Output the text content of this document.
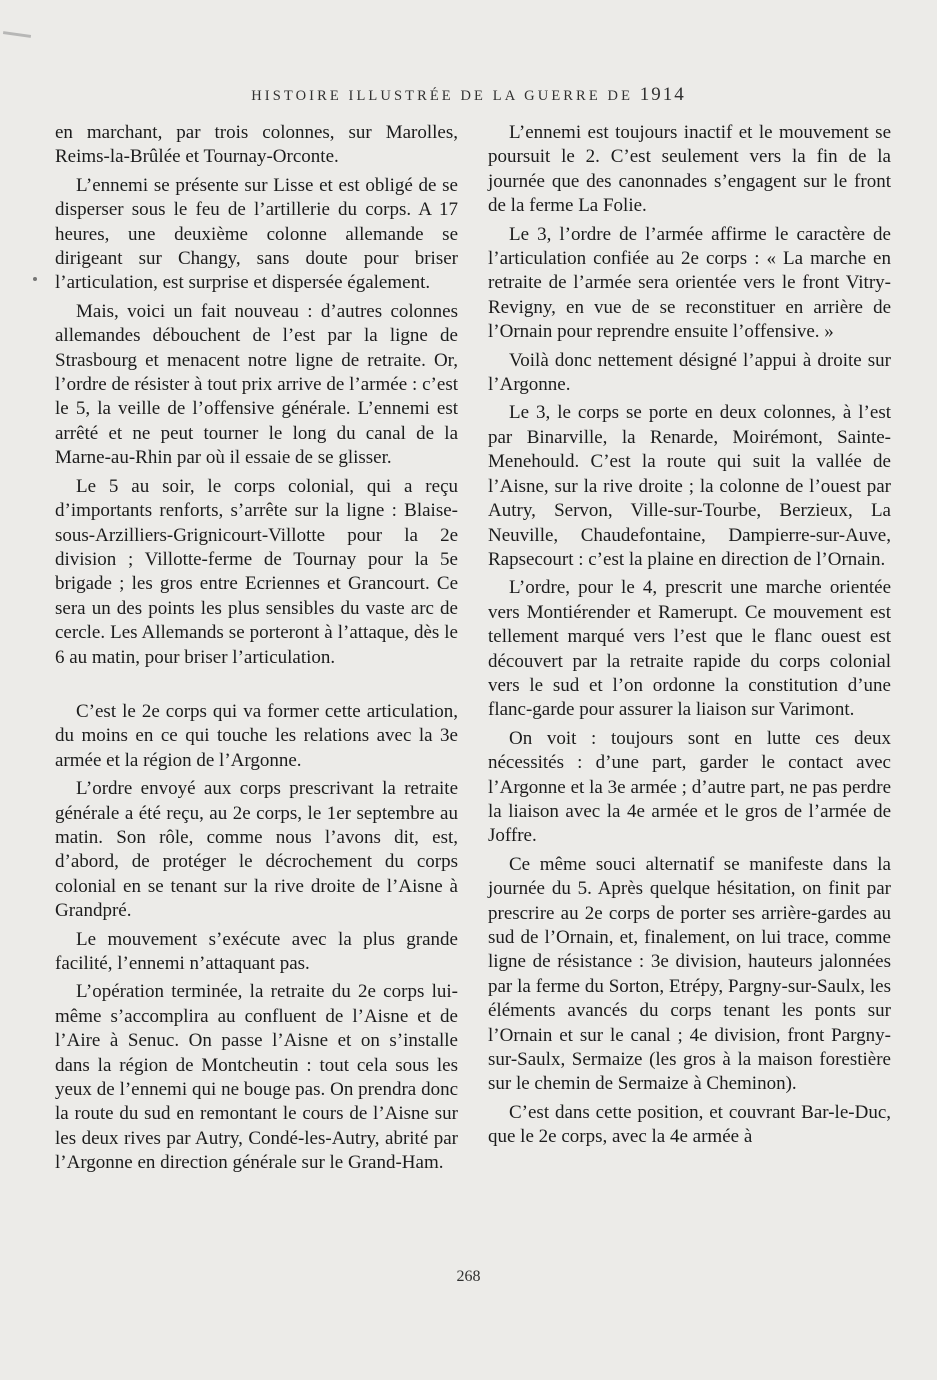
HISTOIRE ILLUSTRÉE DE LA GUERRE DE 1914

en marchant, par trois colonnes, sur Marolles, Reims-la-Brûlée et Tournay-Orconte.

L’ennemi se présente sur Lisse et est obligé de se disperser sous le feu de l’artillerie du corps. A 17 heures, une deuxième colonne allemande se dirigeant sur Changy, sans doute pour briser l’articulation, est surprise et dispersée également.

Mais, voici un fait nouveau : d’autres colonnes allemandes débouchent de l’est par la ligne de Strasbourg et menacent notre ligne de retraite. Or, l’ordre de résister à tout prix arrive de l’armée : c’est le 5, la veille de l’offensive générale. L’ennemi est arrêté et ne peut tourner le long du canal de la Marne-au-Rhin par où il essaie de se glisser.

Le 5 au soir, le corps colonial, qui a reçu d’importants renforts, s’arrête sur la ligne : Blaise-sous-Arzilliers-Grignicourt-Villotte pour la 2e division ; Villotte-ferme de Tournay pour la 5e brigade ; les gros entre Ecriennes et Grancourt. Ce sera un des points les plus sensibles du vaste arc de cercle. Les Allemands se porteront à l’attaque, dès le 6 au matin, pour briser l’articulation.

C’est le 2e corps qui va former cette articulation, du moins en ce qui touche les relations avec la 3e armée et la région de l’Argonne.

L’ordre envoyé aux corps prescrivant la retraite générale a été reçu, au 2e corps, le 1er septembre au matin. Son rôle, comme nous l’avons dit, est, d’abord, de protéger le décrochement du corps colonial en se tenant sur la rive droite de l’Aisne à Grandpré.

Le mouvement s’exécute avec la plus grande facilité, l’ennemi n’attaquant pas.

L’opération terminée, la retraite du 2e corps lui-même s’accomplira au confluent de l’Aisne et de l’Aire à Senuc. On passe l’Aisne et on s’installe dans la région de Montcheutin : tout cela sous les yeux de l’ennemi qui ne bouge pas. On prendra donc la route du sud en remontant le cours de l’Aisne sur les deux rives par Autry, Condé-les-Autry, abrité par l’Argonne en direction générale sur le Grand-Ham.

L’ennemi est toujours inactif et le mouvement se poursuit le 2. C’est seulement vers la fin de la journée que des canonnades s’engagent sur le front de la ferme La Folie.

Le 3, l’ordre de l’armée affirme le caractère de l’articulation confiée au 2e corps : « La marche en retraite de l’armée sera orientée vers le front Vitry-Revigny, en vue de se reconstituer en arrière de l’Ornain pour reprendre ensuite l’offensive. »

Voilà donc nettement désigné l’appui à droite sur l’Argonne.

Le 3, le corps se porte en deux colonnes, à l’est par Binarville, la Renarde, Moirémont, Sainte-Menehould. C’est la route qui suit la vallée de l’Aisne, sur la rive droite ; la colonne de l’ouest par Autry, Servon, Ville-sur-Tourbe, Berzieux, La Neuville, Chaudefontaine, Dampierre-sur-Auve, Rapsecourt : c’est la plaine en direction de l’Ornain.

L’ordre, pour le 4, prescrit une marche orientée vers Montiérender et Ramerupt. Ce mouvement est tellement marqué vers l’est que le flanc ouest est découvert par la retraite rapide du corps colonial vers le sud et l’on ordonne la constitution d’une flanc-garde pour assurer la liaison sur Varimont.

On voit : toujours sont en lutte ces deux nécessités : d’une part, garder le contact avec l’Argonne et la 3e armée ; d’autre part, ne pas perdre la liaison avec la 4e armée et le gros de l’armée de Joffre.

Ce même souci alternatif se manifeste dans la journée du 5. Après quelque hésitation, on finit par prescrire au 2e corps de porter ses arrière-gardes au sud de l’Ornain, et, finalement, on lui trace, comme ligne de résistance : 3e division, hauteurs jalonnées par la ferme du Sorton, Etrépy, Pargny-sur-Saulx, les éléments avancés du corps tenant les ponts sur l’Ornain et sur le canal ; 4e division, front Pargny-sur-Saulx, Sermaize (les gros à la maison forestière sur le chemin de Sermaize à Cheminon).

C’est dans cette position, et couvrant Bar-le-Duc, que le 2e corps, avec la 4e armée à

268
